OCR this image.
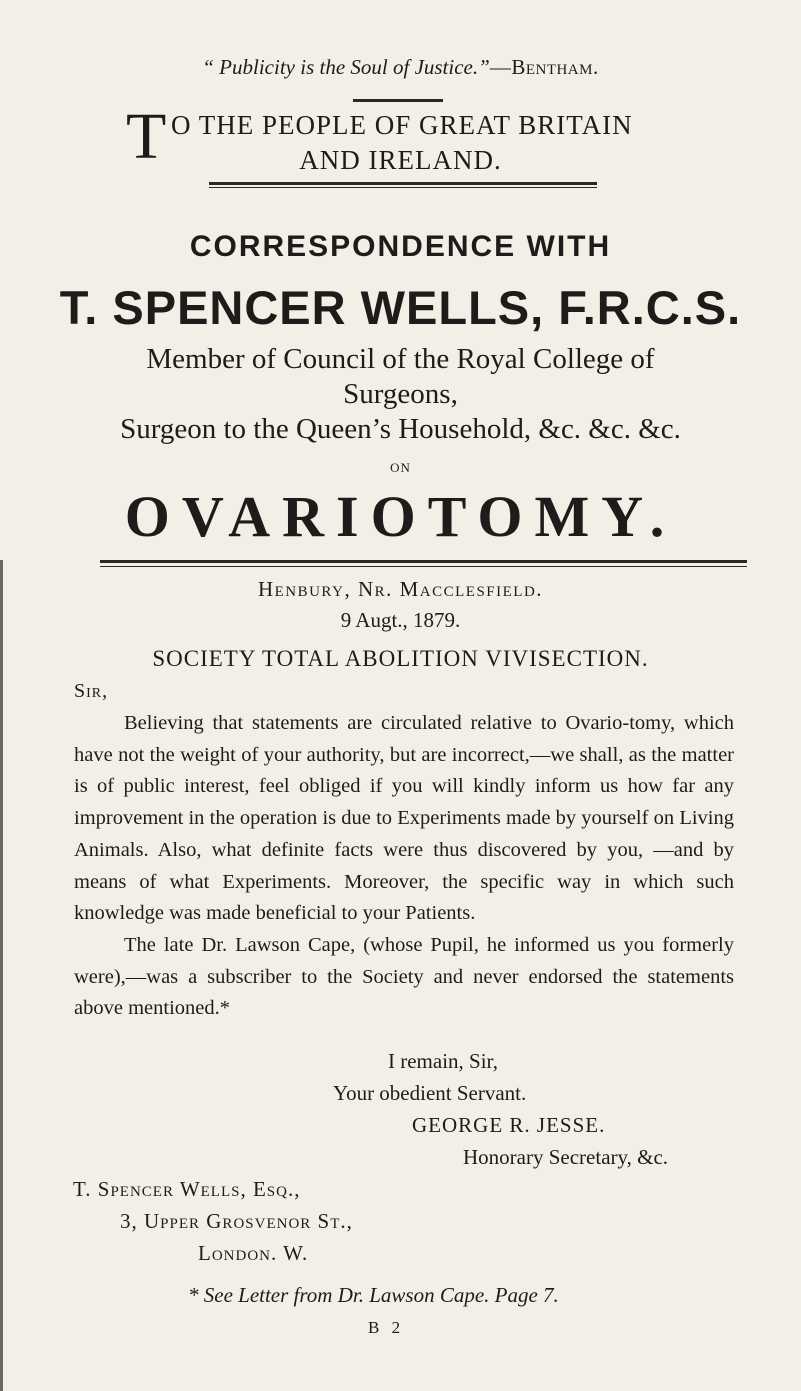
“ Publicity is the Soul of Justice.”—Bentham.
T O THE PEOPLE OF GREAT BRITAIN
AND IRELAND.
CORRESPONDENCE WITH
T. SPENCER WELLS, F.R.C.S.
Member of Council of the Royal College of
Surgeons,
Surgeon to the Queen’s Household, &c. &c. &c.
ON
OVARIOTOMY.
Henbury, Nr. Macclesfield.
9 Augt., 1879.
SOCIETY TOTAL ABOLITION VIVISECTION.
Sir,

Believing that statements are circulated relative to Ovario-tomy, which have not the weight of your authority, but are incorrect,—we shall, as the matter is of public interest, feel obliged if you will kindly inform us how far any improvement in the operation is due to Experiments made by yourself on Living Animals. Also, what definite facts were thus discovered by you, —and by means of what Experiments. Moreover, the specific way in which such knowledge was made beneficial to your Patients.

The late Dr. Lawson Cape, (whose Pupil, he informed us you formerly were),—was a subscriber to the Society and never endorsed the statements above mentioned.*

I remain, Sir,
Your obedient Servant.
GEORGE R. JESSE.
Honorary Secretary, &c.
T. Spencer Wells, Esq.,
3, Upper Grosvenor St.,
London. W.
* See Letter from Dr. Lawson Cape. Page 7.
B 2
